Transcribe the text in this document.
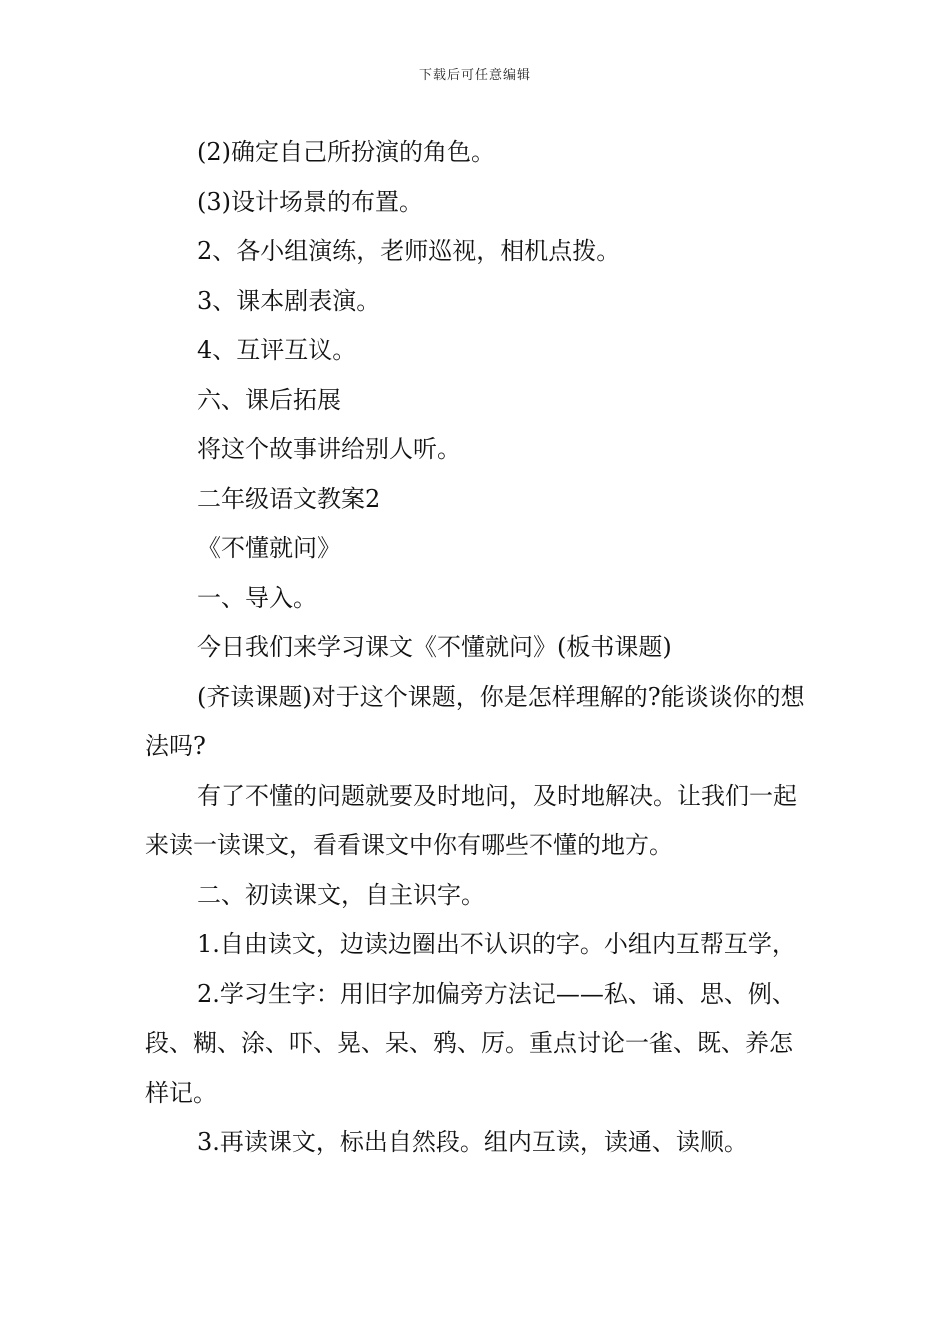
下载后可任意编辑

(2)确定自己所扮演的角色。

(3)设计场景的布置。

2、各小组演练，老师巡视，相机点拨。

3、课本剧表演。

4、互评互议。

六、课后拓展

将这个故事讲给别人听。

二年级语文教案2

《不懂就问》

一、导入。

今日我们来学习课文《不懂就问》(板书课题)

(齐读课题)对于这个课题，你是怎样理解的?能谈谈你的想法吗?

有了不懂的问题就要及时地问，及时地解决。让我们一起来读一读课文，看看课文中你有哪些不懂的地方。

二、初读课文，自主识字。

1.自由读文，边读边圈出不认识的字。小组内互帮互学，

2.学习生字：用旧字加偏旁方法记——私、诵、思、例、段、糊、涂、吓、晃、呆、鸦、厉。重点讨论一雀、既、养怎样记。

3.再读课文，标出自然段。组内互读，读通、读顺。
